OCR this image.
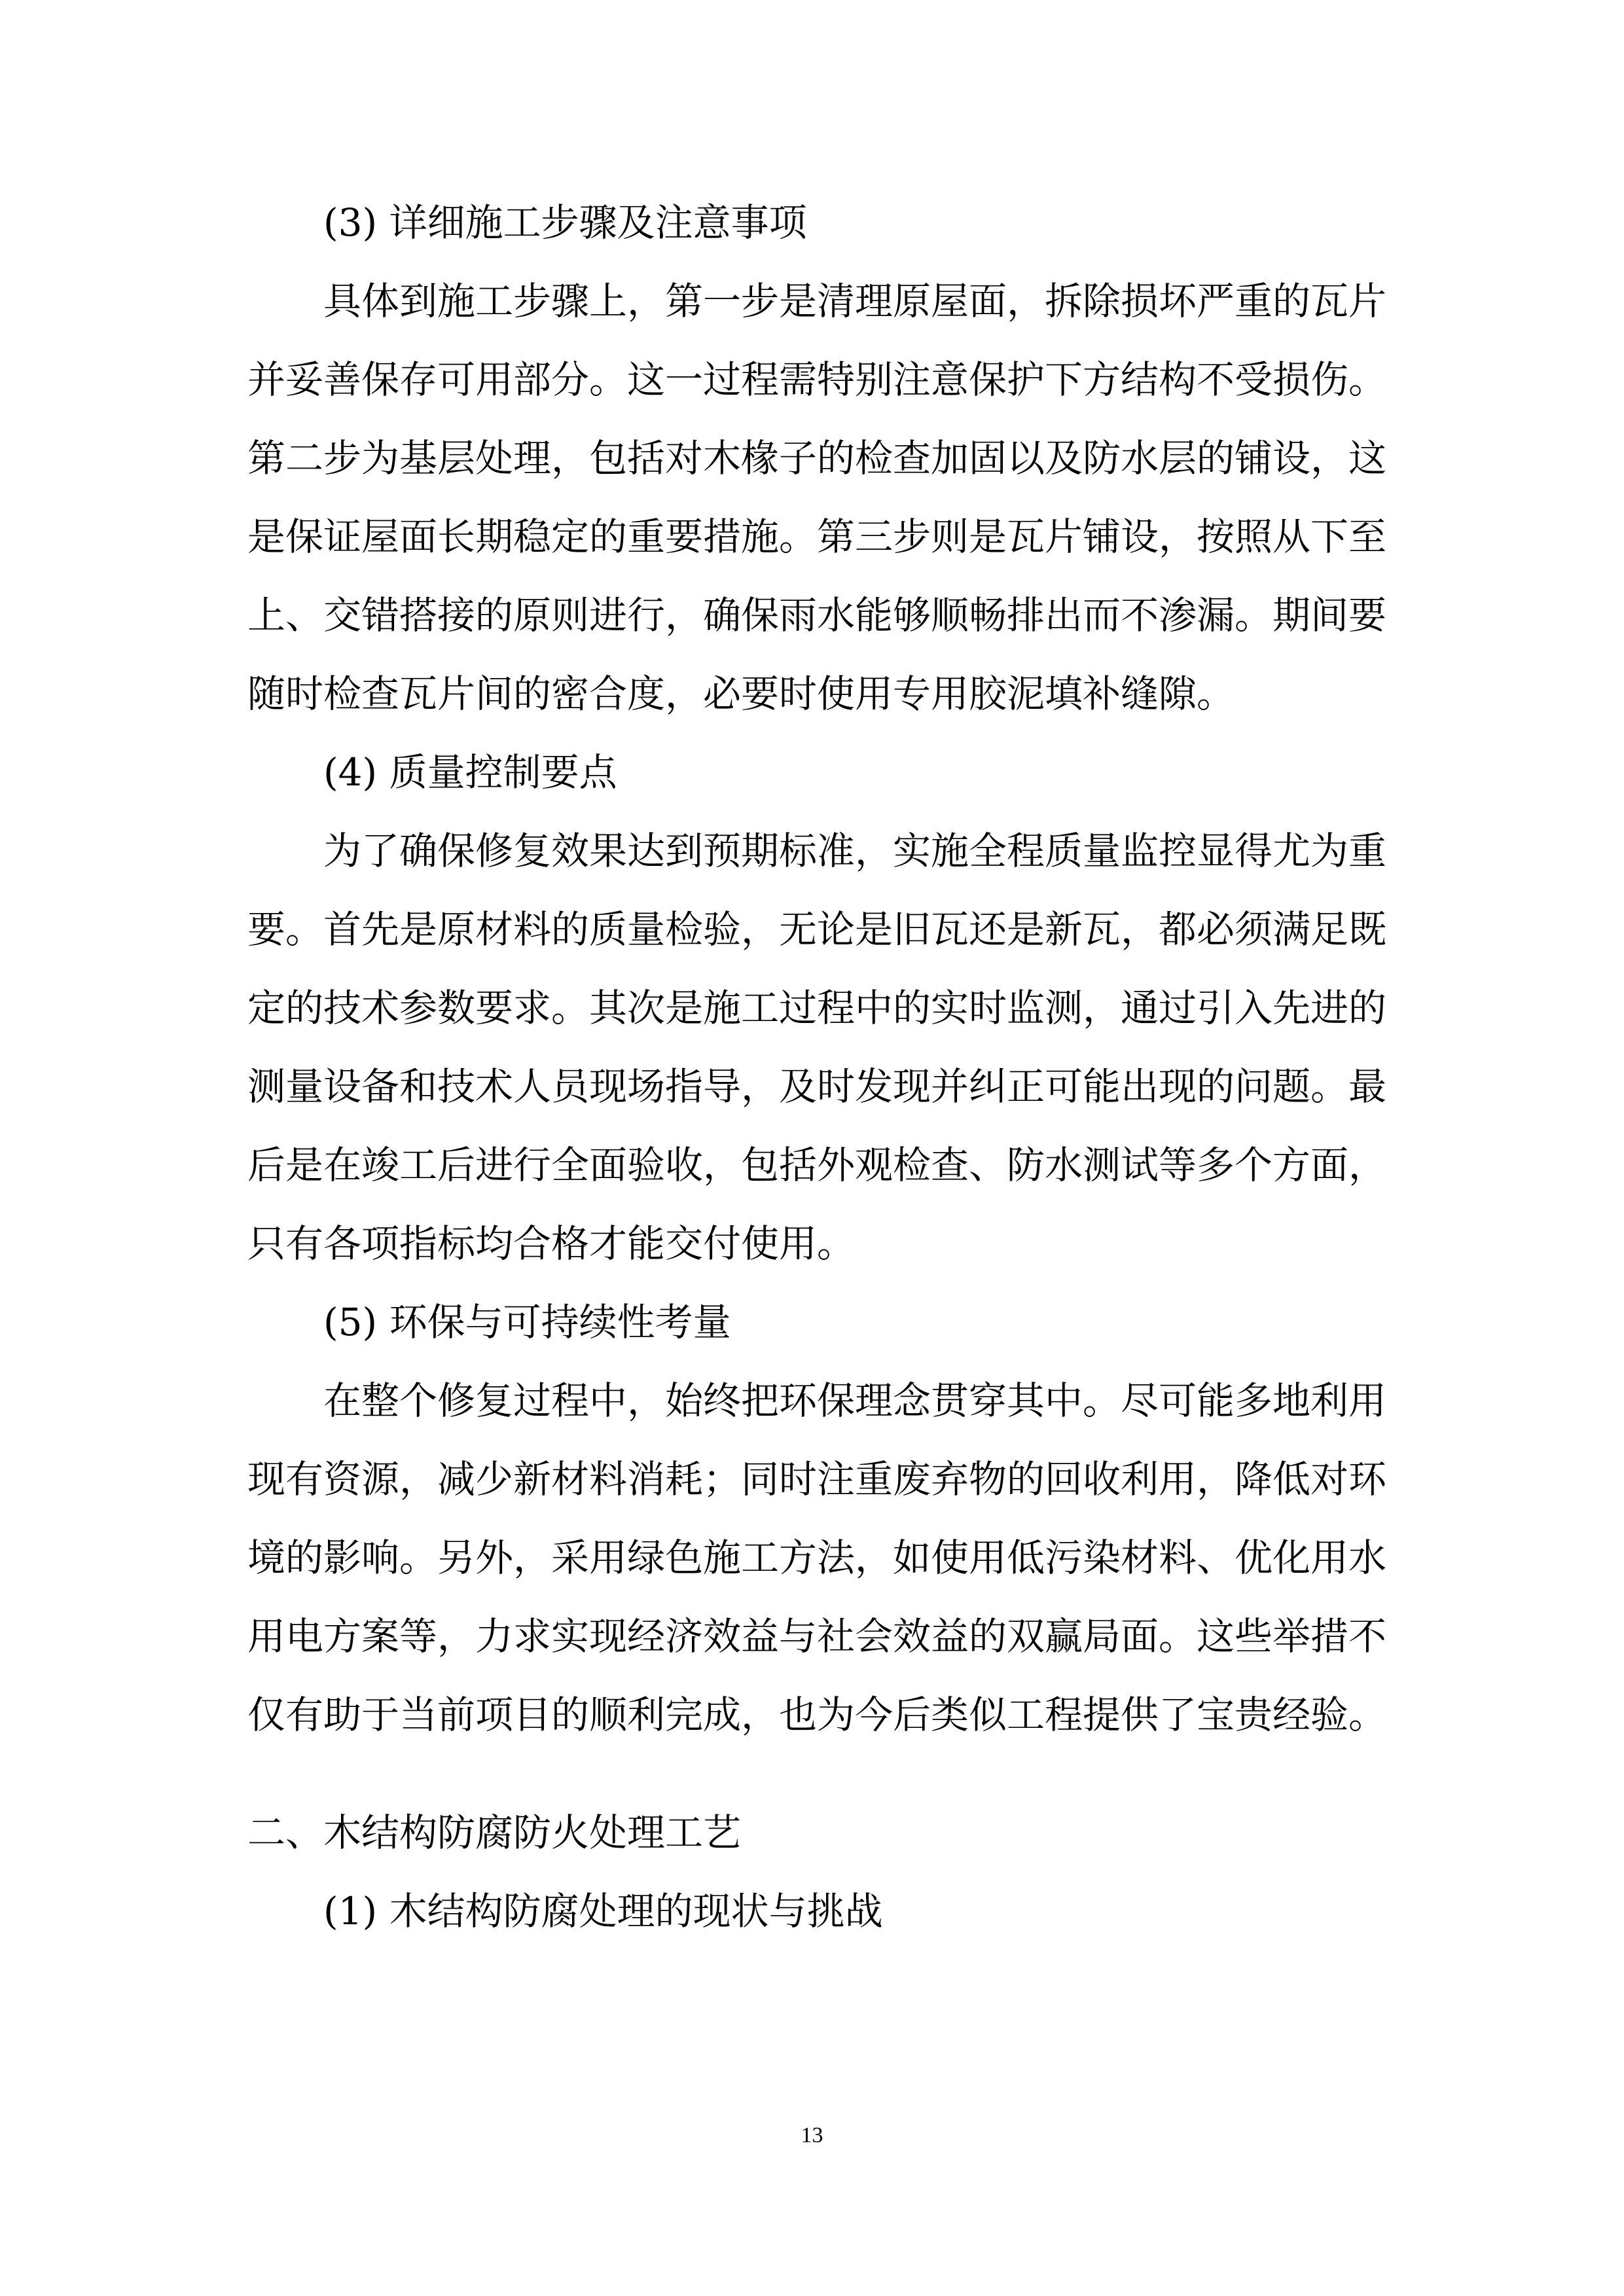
(3) 详细施工步骤及注意事项

具体到施工步骤上，第一步是清理原屋面，拆除损坏严重的瓦片并妥善保存可用部分。这一过程需特别注意保护下方结构不受损伤。第二步为基层处理，包括对木椽子的检查加固以及防水层的铺设，这是保证屋面长期稳定的重要措施。第三步则是瓦片铺设，按照从下至上、交错搭接的原则进行，确保雨水能够顺畅排出而不渗漏。期间要随时检查瓦片间的密合度，必要时使用专用胶泥填补缝隙。

(4) 质量控制要点

为了确保修复效果达到预期标准，实施全程质量监控显得尤为重要。首先是原材料的质量检验，无论是旧瓦还是新瓦，都必须满足既定的技术参数要求。其次是施工过程中的实时监测，通过引入先进的测量设备和技术人员现场指导，及时发现并纠正可能出现的问题。最后是在竣工后进行全面验收，包括外观检查、防水测试等多个方面，只有各项指标均合格才能交付使用。

(5) 环保与可持续性考量

在整个修复过程中，始终把环保理念贯穿其中。尽可能多地利用现有资源，减少新材料消耗；同时注重废弃物的回收利用，降低对环境的影响。另外，采用绿色施工方法，如使用低污染材料、优化用水用电方案等，力求实现经济效益与社会效益的双赢局面。这些举措不仅有助于当前项目的顺利完成，也为今后类似工程提供了宝贵经验。

二、木结构防腐防火处理工艺

(1) 木结构防腐处理的现状与挑战

13
